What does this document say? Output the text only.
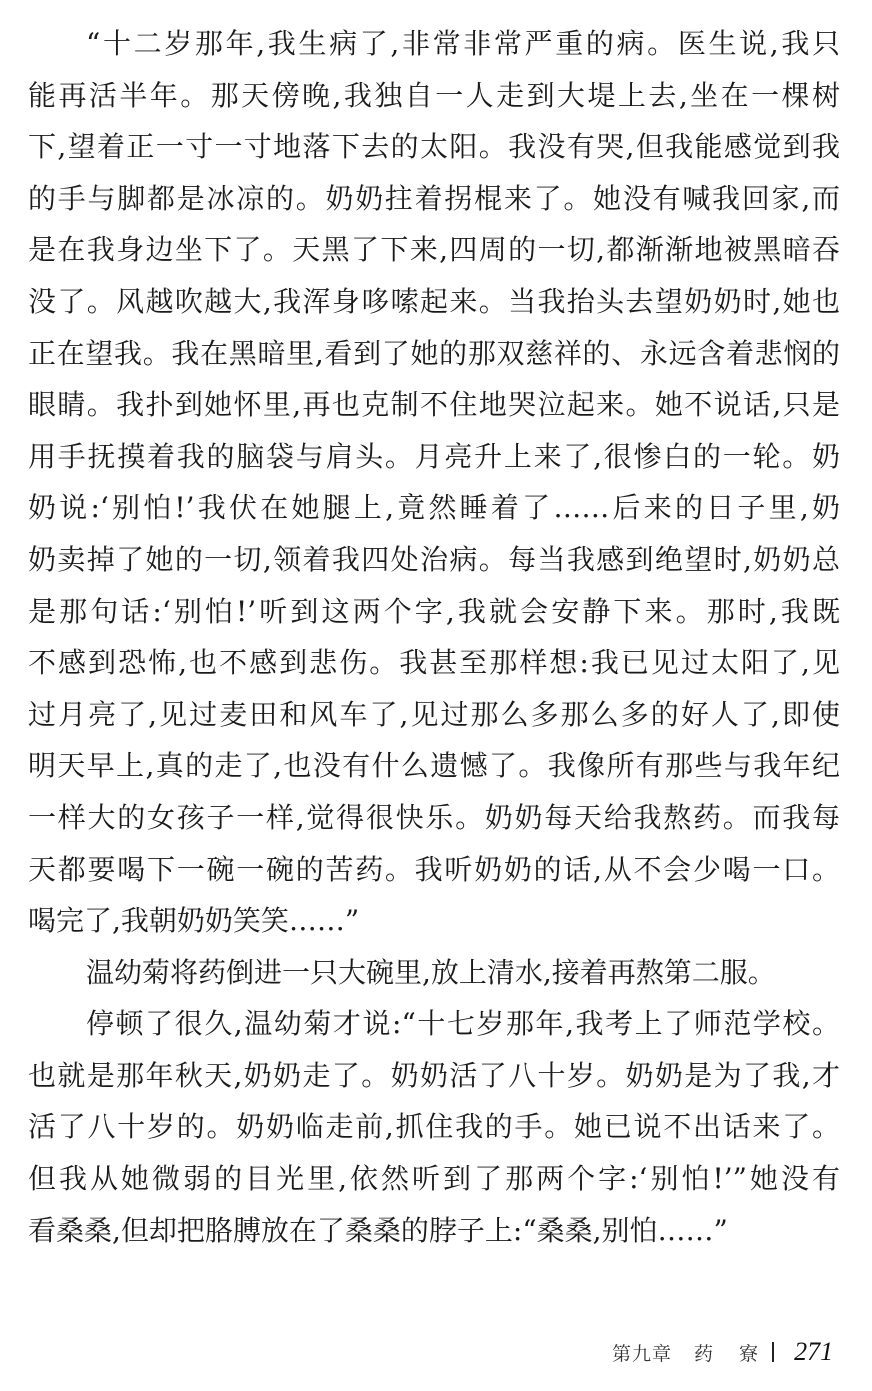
“十二岁那年,我生病了,非常非常严重的病。医生说,我只
能再活半年。那天傍晚,我独自一人走到大堤上去,坐在一棵树
下,望着正一寸一寸地落下去的太阳。我没有哭,但我能感觉到我
的手与脚都是冰凉的。奶奶拄着拐棍来了。她没有喊我回家,而
是在我身边坐下了。天黑了下来,四周的一切,都渐渐地被黑暗吞
没了。风越吹越大,我浑身哆嗦起来。当我抬头去望奶奶时,她也
正在望我。我在黑暗里,看到了她的那双慈祥的、永远含着悲悯的
眼睛。我扑到她怀里,再也克制不住地哭泣起来。她不说话,只是
用手抚摸着我的脑袋与肩头。月亮升上来了,很惨白的一轮。奶
奶说:‘别怕!’我伏在她腿上,竟然睡着了……后来的日子里,奶
奶卖掉了她的一切,领着我四处治病。每当我感到绝望时,奶奶总
是那句话:‘别怕!’听到这两个字,我就会安静下来。那时,我既
不感到恐怖,也不感到悲伤。我甚至那样想:我已见过太阳了,见
过月亮了,见过麦田和风车了,见过那么多那么多的好人了,即使
明天早上,真的走了,也没有什么遗憾了。我像所有那些与我年纪
一样大的女孩子一样,觉得很快乐。奶奶每天给我熬药。而我每
天都要喝下一碗一碗的苦药。我听奶奶的话,从不会少喝一口。
喝完了,我朝奶奶笑笑……”
温幼菊将药倒进一只大碗里,放上清水,接着再熬第二服。
停顿了很久,温幼菊才说:“十七岁那年,我考上了师范学校。
也就是那年秋天,奶奶走了。奶奶活了八十岁。奶奶是为了我,才
活了八十岁的。奶奶临走前,抓住我的手。她已说不出话来了。
但我从她微弱的目光里,依然听到了那两个字:‘别怕!’”她没有
看桑桑,但却把胳膊放在了桑桑的脖子上:“桑桑,别怕……”
第九章 药 寮 271
